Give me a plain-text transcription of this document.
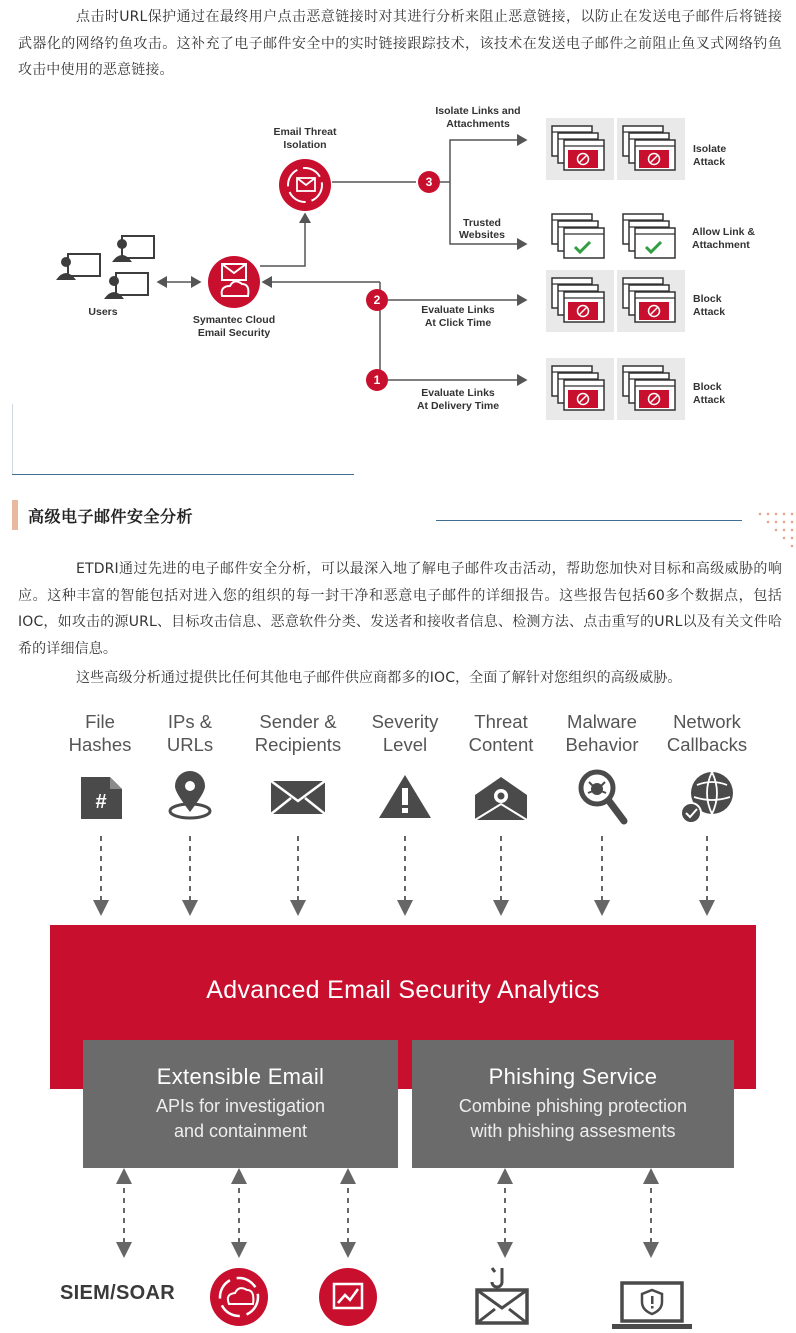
点击时URL保护通过在最终用户点击恶意链接时对其进行分析来阻止恶意链接，以防止在发送电子邮件后将链接武器化的网络钓鱼攻击。这补充了电子邮件安全中的实时链接跟踪技术，该技术在发送电子邮件之前阻止鱼叉式网络钓鱼攻击中使用的恶意链接。

Users
Symantec Cloud
Email Security
Email Threat
Isolation
3
Isolate Links and
Attachments
Trusted
Websites
2
Evaluate Links
At Click Time
1
Evaluate Links
At Delivery Time
Isolate
Attack
Allow Link &
Attachment
Block
Attack
Block
Attack
高级电子邮件安全分析

ETDRI通过先进的电子邮件安全分析，可以最深入地了解电子邮件攻击活动，帮助您加快对目标和高级威胁的响应。这种丰富的智能包括对进入您的组织的每一封干净和恶意电子邮件的详细报告。这些报告包括60多个数据点，包括IOC，如攻击的源URL、目标攻击信息、恶意软件分类、发送者和接收者信息、检测方法、点击重写的URL以及有关文件哈希的详细信息。

这些高级分析通过提供比任何其他电子邮件供应商都多的IOC，全面了解针对您组织的高级威胁。

File
Hashes
IPs &
URLs
Sender &
Recipients
Severity
Level
Threat
Content
Malware
Behavior
Network
Callbacks
#
Advanced Email Security Analytics
Extensible Email
APIs for investigation
and containment
Phishing Service
Combine phishing protection
with phishing assesments
SIEM/SOAR
